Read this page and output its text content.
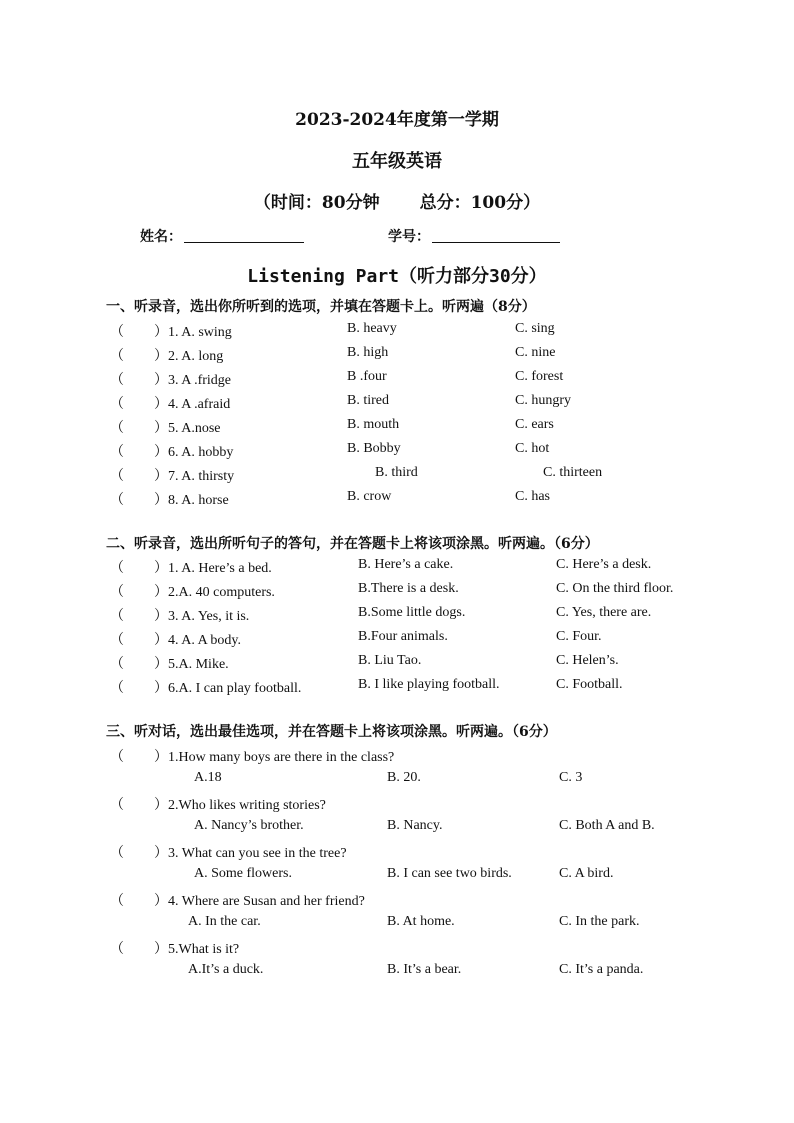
2023-2024年度第一学期
五年级英语
（时间：80分钟 总分：100分）
姓名：	学号：
Listening Part（听力部分30分）
一、听录音，选出你所听到的选项，并填在答题卡上。听两遍（8分）
（ ）1. A. swing	B. heavy	C. sing
（ ）2. A. long	B. high	C. nine
（ ）3. A .fridge	B .four	C. forest
（ ）4. A .afraid	B. tired	C. hungry
（ ）5. A.nose	B. mouth	C. ears
（ ）6. A. hobby	B. Bobby	C. hot
（ ）7. A. thirsty	B. third	C. thirteen
（ ）8. A. horse	B. crow	C. has
二、听录音，选出所听句子的答句，并在答题卡上将该项涂黑。听两遍。（6分）
（ ）1. A. Here’s a bed.	B. Here’s a cake.	C. Here’s a desk.
（ ）2.A. 40 computers.	B.There is a desk.	C. On the third floor.
（ ）3. A. Yes, it is.	B.Some little dogs.	C. Yes, there are.
（ ）4. A. A body.	B.Four animals.	C. Four.
（ ）5.A. Mike.	B. Liu Tao.	C. Helen’s.
（ ）6.A. I can play football.	B. I like playing football.	C. Football.
三、听对话，选出最佳选项，并在答题卡上将该项涂黑。听两遍。（6分）
（ ）1.How many boys are there in the class?
A.18	B. 20.	C. 3
（ ）2.Who likes writing stories?
A. Nancy’s brother.	B. Nancy.	C. Both A and B.
（ ）3. What can you see in the tree?
A. Some flowers.	B. I can see two birds.	C. A bird.
（ ）4. Where are Susan and her friend?
A. In the car.	B. At home.	C. In the park.
（ ）5.What is it?
A.It’s a duck.	B. It’s a bear.	C. It’s a panda.
